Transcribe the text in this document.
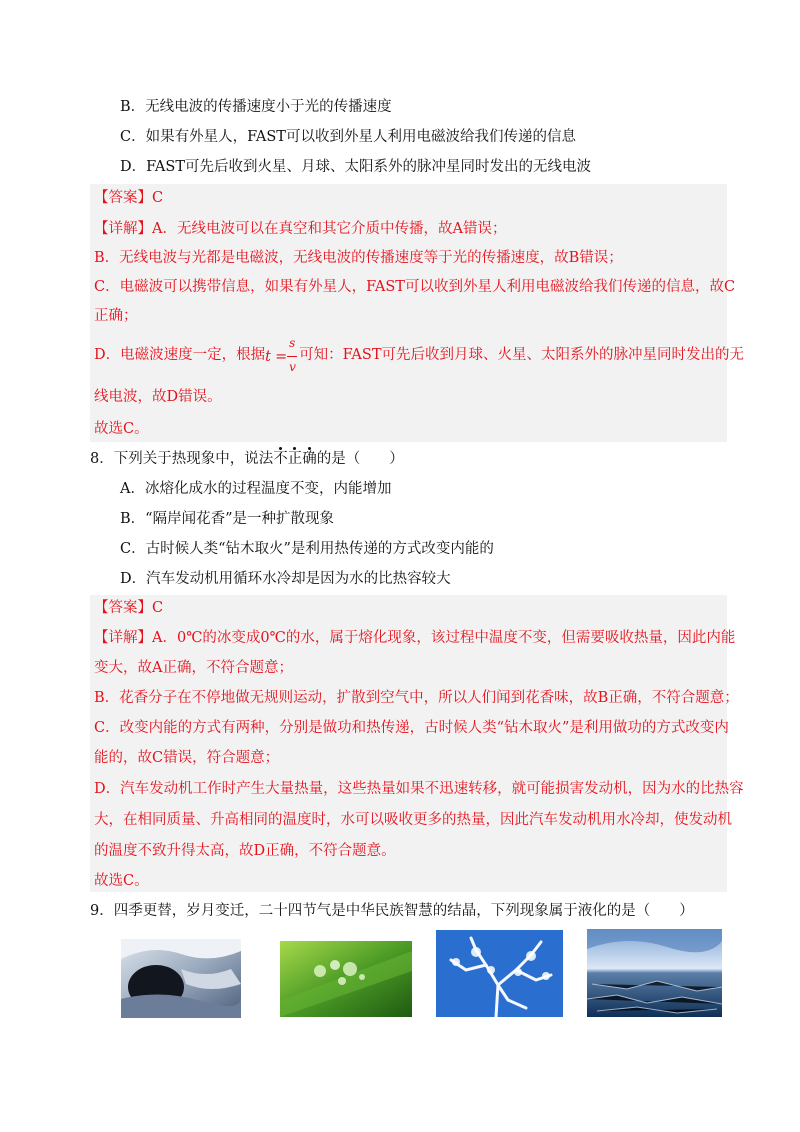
B．无线电波的传播速度小于光的传播速度
C．如果有外星人，FAST可以收到外星人利用电磁波给我们传递的信息
D．FAST可先后收到火星、月球、太阳系外的脉冲星同时发出的无线电波
【答案】C
【详解】A．无线电波可以在真空和其它介质中传播，故A错误；
B．无线电波与光都是电磁波，无线电波的传播速度等于光的传播速度，故B错误；
C．电磁波可以携带信息，如果有外星人，FAST可以收到外星人利用电磁波给我们传递的信息，故C
正确；
D．电磁波速度一定，根据 t =
s
v
可知：FAST可先后收到月球、火星、太阳系外的脉冲星同时发出的无
线电波，故D错误。
故选C。
8．下列关于热现象中，说法不正确的是（　　）
A．冰熔化成水的过程温度不变，内能增加
B．“隔岸闻花香”是一种扩散现象
C．古时候人类“钻木取火”是利用热传递的方式改变内能的
D．汽车发动机用循环水冷却是因为水的比热容较大
【答案】C
【详解】A．0℃的冰变成0℃的水，属于熔化现象，该过程中温度不变，但需要吸收热量，因此内能
变大，故A正确，不符合题意；
B．花香分子在不停地做无规则运动，扩散到空气中，所以人们闻到花香味，故B正确，不符合题意；
C．改变内能的方式有两种，分别是做功和热传递，古时候人类“钻木取火”是利用做功的方式改变内
能的，故C错误，符合题意；
D．汽车发动机工作时产生大量热量，这些热量如果不迅速转移，就可能损害发动机，因为水的比热容
大，在相同质量、升高相同的温度时，水可以吸收更多的热量，因此汽车发动机用水冷却，使发动机
的温度不致升得太高，故D正确，不符合题意。
故选C。
9．四季更替，岁月变迁，二十四节气是中华民族智慧的结晶，下列现象属于液化的是（　　）
